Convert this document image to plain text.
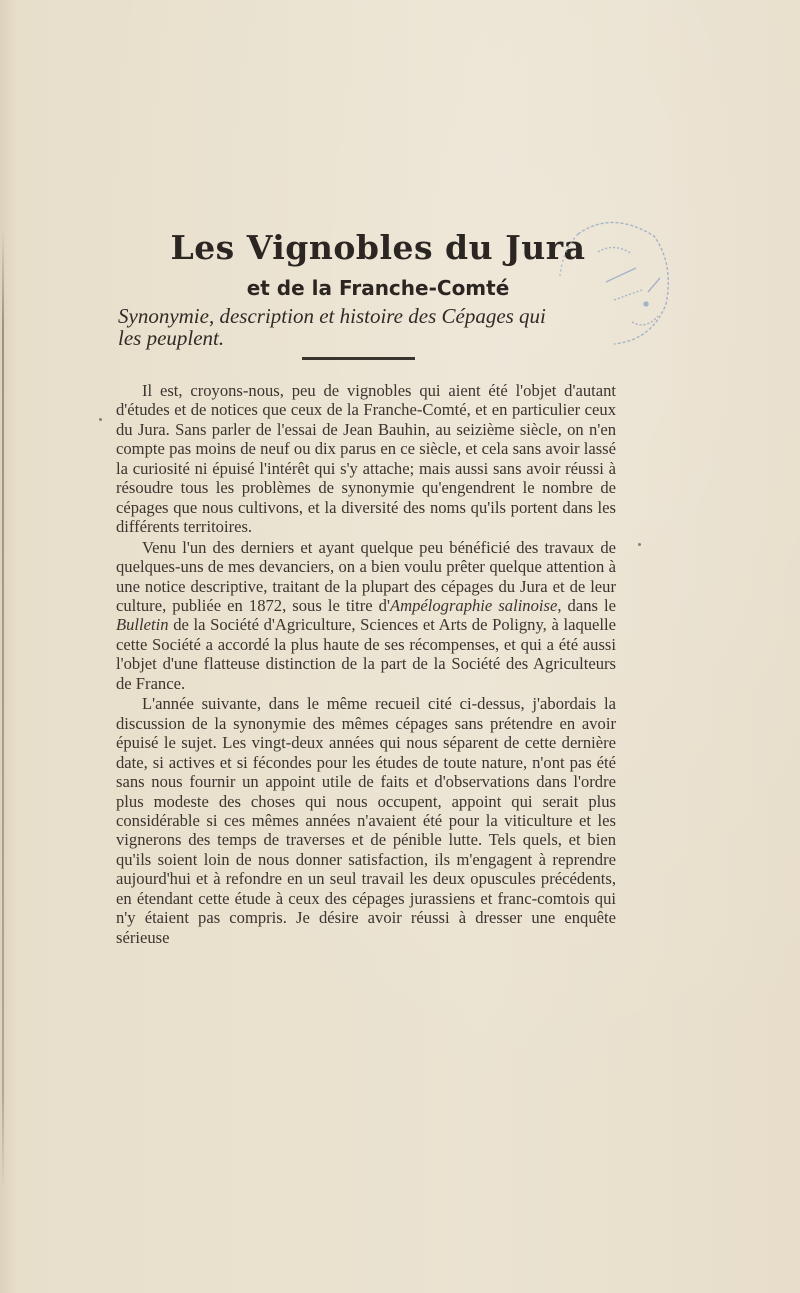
Les Vignobles du Jura
et de la Franche-Comté
Synonymie, description et histoire des Cépages qui
les peuplent.

Il est, croyons-nous, peu de vignobles qui aient été l'objet d'autant d'études et de notices que ceux de la Franche-Comté, et en particulier ceux du Jura. Sans parler de l'essai de Jean Bauhin, au seizième siècle, on n'en compte pas moins de neuf ou dix parus en ce siècle, et cela sans avoir lassé la curiosité ni épuisé l'intérêt qui s'y attache; mais aussi sans avoir réussi à résoudre tous les problèmes de synonymie qu'engendrent le nombre de cépages que nous cultivons, et la diversité des noms qu'ils portent dans les différents territoires.

Venu l'un des derniers et ayant quelque peu bénéficié des travaux de quelques-uns de mes devanciers, on a bien voulu prêter quelque attention à une notice descriptive, traitant de la plupart des cépages du Jura et de leur culture, publiée en 1872, sous le titre d'Ampélographie salinoise, dans le Bulletin de la Société d'Agriculture, Sciences et Arts de Poligny, à laquelle cette Société a accordé la plus haute de ses récompenses, et qui a été aussi l'objet d'une flatteuse distinction de la part de la Société des Agriculteurs de France.

L'année suivante, dans le même recueil cité ci-dessus, j'abordais la discussion de la synonymie des mêmes cépages sans prétendre en avoir épuisé le sujet. Les vingt-deux années qui nous séparent de cette dernière date, si actives et si fécondes pour les études de toute nature, n'ont pas été sans nous fournir un appoint utile de faits et d'observations dans l'ordre plus modeste des choses qui nous occupent, appoint qui serait plus considérable si ces mêmes années n'avaient été pour la viticulture et les vignerons des temps de traverses et de pénible lutte. Tels quels, et bien qu'ils soient loin de nous donner satisfaction, ils m'engagent à reprendre aujourd'hui et à refondre en un seul travail les deux opuscules précédents, en étendant cette étude à ceux des cépages jurassiens et franc-comtois qui n'y étaient pas compris. Je désire avoir réussi à dresser une enquête sérieuse
